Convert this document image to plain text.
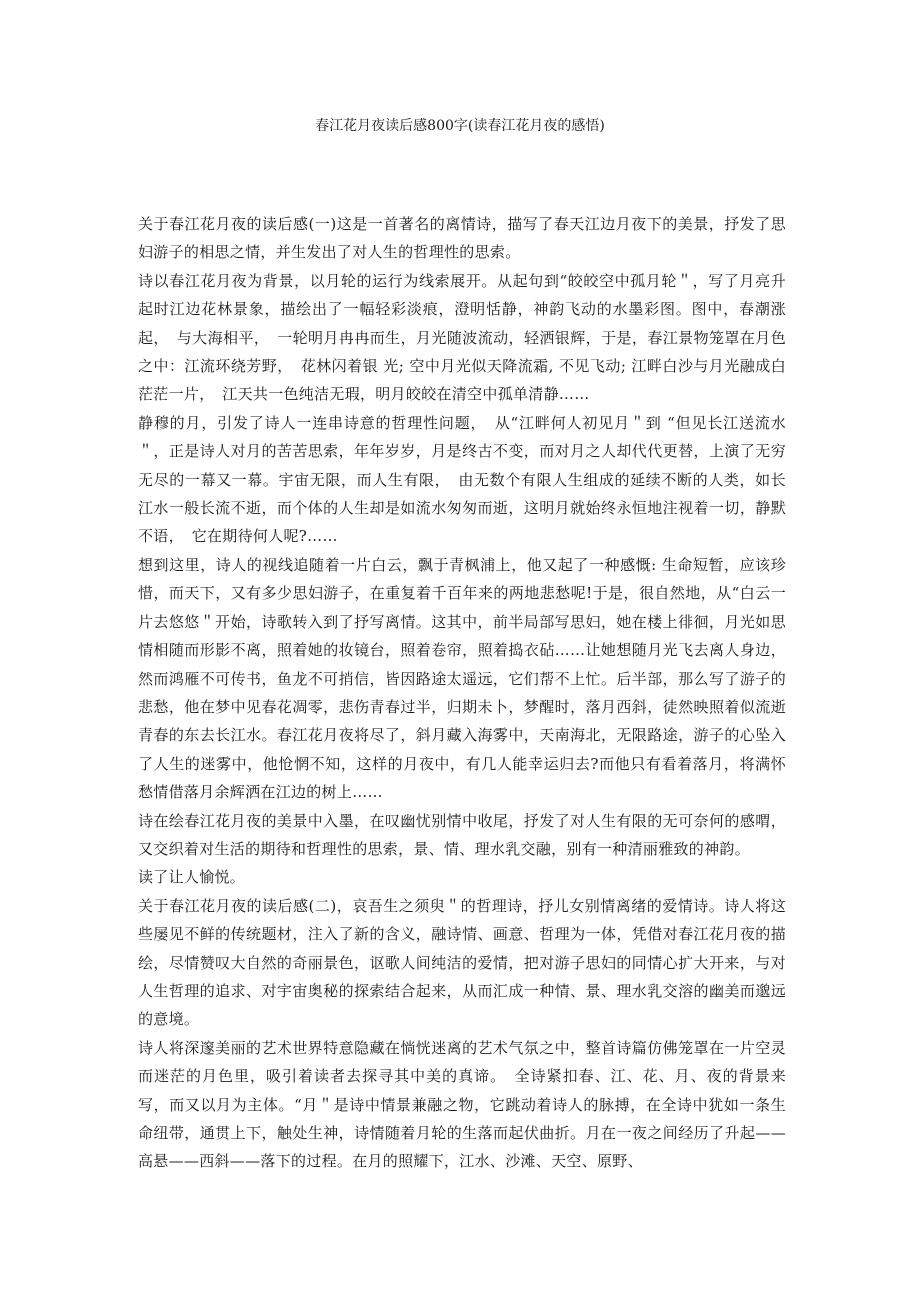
春江花月夜读后感800字(读春江花月夜的感悟)

关于春江花月夜的读后感(一)这是一首著名的离情诗，描写了春天江边月夜下的美景，抒发了思妇游子的相思之情，并生发出了对人生的哲理性的思索。

诗以春江花月夜为背景，以月轮的运行为线索展开。从起句到“皎皎空中孤月轮＂，写了月亮升起时江边花林景象，描绘出了一幅轻彩淡痕，澄明恬静，神韵飞动的水墨彩图。图中，春潮涨起，　与大海相平，　一轮明月冉冉而生，月光随波流动，轻洒银辉，于是，春江景物笼罩在月色之中：江流环绕芳野，　花林闪着银 光; 空中月光似天降流霜, 不见飞动; 江畔白沙与月光融成白茫茫一片，　江天共一色纯洁无瑕，明月皎皎在清空中孤单清静……

静穆的月，引发了诗人一连串诗意的哲理性问题，　从“江畔何人初见月＂到 “但见长江送流水＂，正是诗人对月的苦苦思索，年年岁岁，月是终古不变，而对月之人却代代更替，上演了无穷无尽的一幕又一幕。宇宙无限，而人生有限，　由无数个有限人生组成的延续不断的人类，如长江水一般长流不逝，而个体的人生却是如流水匆匆而逝，这明月就始终永恒地注视着一切，静默不语，　它在期待何人呢?……

想到这里，诗人的视线追随着一片白云，飘于青枫浦上，他又起了一种感慨: 生命短暂，应该珍惜，而天下，又有多少思妇游子，在重复着千百年来的两地悲愁呢!于是，很自然地，从“白云一片去悠悠＂开始，诗歌转入到了抒写离情。这其中，前半局部写思妇，她在楼上徘徊，月光如思情相随而形影不离，照着她的妆镜台，照着卷帘，照着捣衣砧……让她想随月光飞去离人身边，然而鸿雁不可传书，鱼龙不可捎信，皆因路途太遥远，它们帮不上忙。后半部，那么写了游子的悲愁，他在梦中见春花凋零，悲伤青春过半，归期未卜，梦醒时，落月西斜，徒然映照着似流逝青春的东去长江水。春江花月夜将尽了，斜月藏入海雾中，天南海北，无限路途，游子的心坠入了人生的迷雾中，他怆惘不知，这样的月夜中，有几人能幸运归去?而他只有看着落月，将满怀愁情借落月余辉洒在江边的树上……

诗在绘春江花月夜的美景中入墨，在叹幽忧别情中收尾，抒发了对人生有限的无可奈何的感喟，又交织着对生活的期待和哲理性的思索，景、情、理水乳交融，别有一种清丽雅致的神韵。

读了让人愉悦。

关于春江花月夜的读后感(二)，哀吾生之须臾＂的哲理诗，抒儿女别情离绪的爱情诗。诗人将这些屡见不鲜的传统题材，注入了新的含义，融诗情、画意、哲理为一体，凭借对春江花月夜的描绘，尽情赞叹大自然的奇丽景色，讴歌人间纯洁的爱情，把对游子思妇的同情心扩大开来，与对人生哲理的追求、对宇宙奥秘的探索结合起来，从而汇成一种情、景、理水乳交溶的幽美而邈远的意境。

诗人将深邃美丽的艺术世界特意隐藏在惝恍迷离的艺术气氛之中，整首诗篇仿佛笼罩在一片空灵而迷茫的月色里，吸引着读者去探寻其中美的真谛。　全诗紧扣春、江、花、月、夜的背景来写，而又以月为主体。“月＂是诗中情景兼融之物，它跳动着诗人的脉搏，在全诗中犹如一条生命纽带，通贯上下，触处生神，诗情随着月轮的生落而起伏曲折。月在一夜之间经历了升起——高悬——西斜——落下的过程。在月的照耀下，江水、沙滩、天空、原野、
